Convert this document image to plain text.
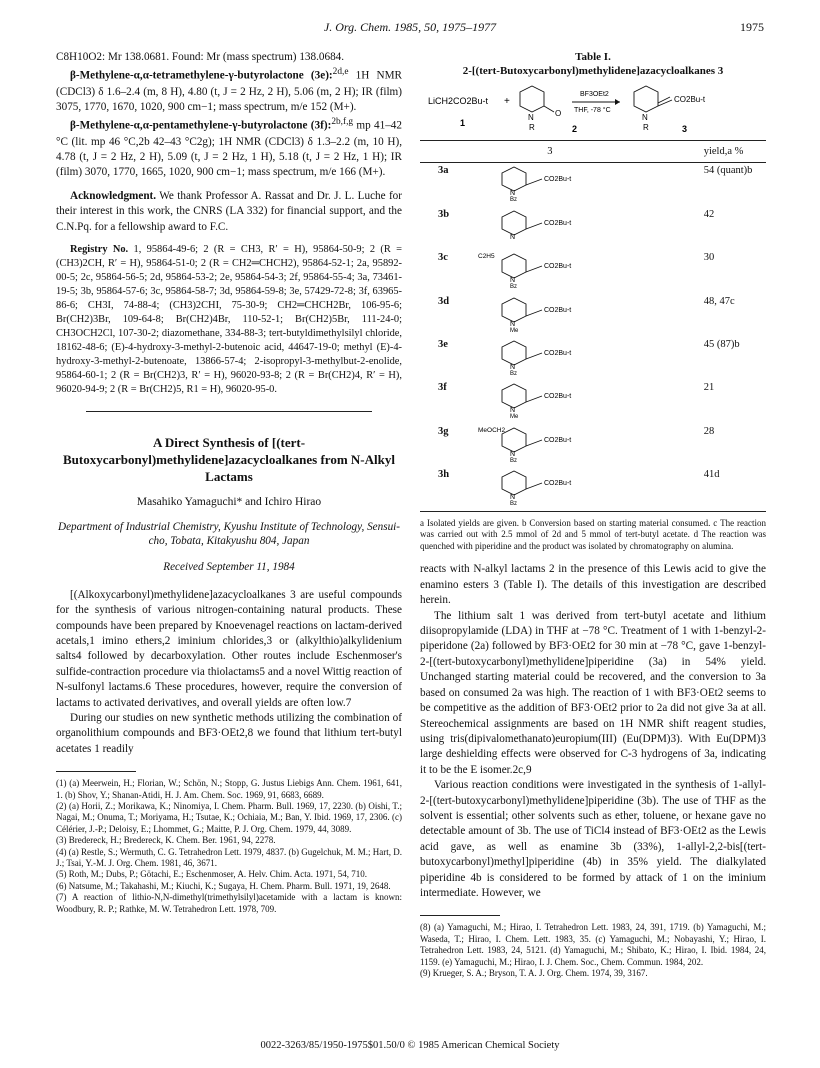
J. Org. Chem. 1985, 50, 1975–1977	1975

C8H10O2: Mr 138.0681. Found: Mr (mass spectrum) 138.0684.

β-Methylene-α,α-tetramethylene-γ-butyrolactone (3e):$^{2d,e}$ 1H NMR (CDCl3) δ 1.6–2.4 (m, 8 H), 4.80 (t, J = 2 Hz, 2 H), 5.06 (m, 2 H); IR (film) 3075, 1770, 1670, 1020, 900 cm−1; mass spectrum, m/e 152 (M+).

β-Methylene-α,α-pentamethylene-γ-butyrolactone (3f):$^{2b,f,g}$ mp 41–42 °C (lit. mp 46 °C,2b 42–43 °C2g); 1H NMR (CDCl3) δ 1.3–2.2 (m, 10 H), 4.78 (t, J = 2 Hz, 2 H), 5.09 (t, J = 2 Hz, 1 H), 5.18 (t, J = 2 Hz, 1 H); IR (film) 3070, 1770, 1665, 1020, 900 cm−1; mass spectrum, m/e 166 (M+).

Acknowledgment. We thank Professor A. Rassat and Dr. J. L. Luche for their interest in this work, the CNRS (LA 332) for financial support, and the C.N.Pq. for a fellowship award to F.C.

Registry No. 1, 95864-49-6; 2 (R = CH3, R′ = H), 95864-50-9; 2 (R = (CH3)2CH, R′ = H), 95864-51-0; 2 (R = CH2═CHCH2), 95864-52-1; 2a, 95892-00-5; 2c, 95864-56-5; 2d, 95864-53-2; 2e, 95864-54-3; 2f, 95864-55-4; 3a, 73461-19-5; 3b, 95864-57-6; 3c, 95864-58-7; 3d, 95864-59-8; 3e, 57429-72-8; 3f, 63965-86-6; CH3I, 74-88-4; (CH3)2CHI, 75-30-9; CH2═CHCH2Br, 106-95-6; Br(CH2)3Br, 109-64-8; Br(CH2)4Br, 110-52-1; Br(CH2)5Br, 111-24-0; CH3OCH2Cl, 107-30-2; diazomethane, 334-88-3; tert-butyldimethylsilyl chloride, 18162-48-6; (E)-4-hydroxy-3-methyl-2-butenoic acid, 44647-19-0; methyl (E)-4-hydroxy-3-methyl-2-butenoate, 13866-57-4; 2-isopropyl-3-methylbut-2-enolide, 95864-60-1; 2 (R = Br(CH2)3, R′ = H), 96020-93-8; 2 (R = Br(CH2)4, R′ = H), 96020-94-9; 2 (R = Br(CH2)5, R1 = H), 96020-95-0.

A Direct Synthesis of [(tert-Butoxycarbonyl)methylidene]azacycloalkanes from N-Alkyl Lactams
Masahiko Yamaguchi* and Ichiro Hirao
Department of Industrial Chemistry, Kyushu Institute of Technology, Sensui-cho, Tobata, Kitakyushu 804, Japan
Received September 11, 1984

[(Alkoxycarbonyl)methylidene]azacycloalkanes 3 are useful compounds for the synthesis of various nitrogen-containing natural products. These compounds have been prepared by Knoevenagel reactions on lactam-derived acetals,1 imino ethers,2 iminium chlorides,3 or (alkylthio)alkylidenium salts4 followed by decarboxylation. Other routes include Eschenmoser's sulfide-contraction procedure via thiolactams5 and a novel Wittig reaction of N-sulfonyl lactams.6 These procedures, however, require the conversion of lactams to activated derivatives, and overall yields are often low.7

During our studies on new synthetic methods utilizing the combination of organolithium compounds and BF3·OEt2,8 we found that lithium tert-butyl acetates 1 readily

(1) (a) Meerwein, H.; Florian, W.; Schön, N.; Stopp, G. Justus Liebigs Ann. Chem. 1961, 641, 1. (b) Shov, Y.; Shanan-Atidi, H. J. Am. Chem. Soc. 1969, 91, 6683, 6689.

(2) (a) Horii, Z.; Morikawa, K.; Ninomiya, I. Chem. Pharm. Bull. 1969, 17, 2230. (b) Oishi, T.; Nagai, M.; Onuma, T.; Moriyama, H.; Tsutae, K.; Ochiaia, M.; Ban, Y. Ibid. 1969, 17, 2306. (c) Célérier, J.-P.; Deloisy, E.; Lhommet, G.; Maitte, P. J. Org. Chem. 1979, 44, 3089.

(3) Bredereck, H.; Bredereck, K. Chem. Ber. 1961, 94, 2278.

(4) (a) Restle, S.; Wermuth, C. G. Tetrahedron Lett. 1979, 4837. (b) Gugelchuk, M. M.; Hart, D. J.; Tsai, Y.-M. J. Org. Chem. 1981, 46, 3671.

(5) Roth, M.; Dubs, P.; Götachi, E.; Eschenmoser, A. Helv. Chim. Acta. 1971, 54, 710.

(6) Natsume, M.; Takahashi, M.; Kiuchi, K.; Sugaya, H. Chem. Pharm. Bull. 1971, 19, 2648.

(7) A reaction of lithio-N,N-dimethyl(trimethylsilyl)acetamide with a lactam is known: Woodbury, R. P.; Rathke, M. W. Tetrahedron Lett. 1978, 709.

Table I.
2-[(tert-Butoxycarbonyl)methylidene]azacycloalkanes 3
LiCH2CO2Bu-t +
O
N
R
BF3OEt2
THF, -78 °C
CO2Bu-t
N
R
1
2	3
3		yield,a %
3a	CO2Bu-t
N
Bz	54 (quant)b
3b	CO2Bu-t
N	42
3c	CO2Bu-t
N
Bz
C2H5	30
3d	CO2Bu-t
N
Me	48, 47c
3e	CO2Bu-t
N
Bz	45 (87)b
3f	CO2Bu-t
N
Me	21
3g	CO2Bu-t
N
Bz
MeOCH2	28
3h	CO2Bu-t
N
Bz	41d
a Isolated yields are given. b Conversion based on starting material consumed. c The reaction was carried out with 2.5 mmol of 2d and 5 mmol of tert-butyl acetate. d The reaction was quenched with piperidine and the product was isolated by chromatography on alumina.

reacts with N-alkyl lactams 2 in the presence of this Lewis acid to give the enamino esters 3 (Table I). The details of this investigation are described herein.

The lithium salt 1 was derived from tert-butyl acetate and lithium diisopropylamide (LDA) in THF at −78 °C. Treatment of 1 with 1-benzyl-2-piperidone (2a) followed by BF3·OEt2 for 30 min at −78 °C, gave 1-benzyl-2-[(tert-butoxycarbonyl)methylidene]piperidine (3a) in 54% yield. Unchanged starting material could be recovered, and the conversion to 3a based on consumed 2a was high. The reaction of 1 with BF3·OEt2 seems to be competitive as the addition of BF3·OEt2 prior to 2a did not give 3a at all. Stereochemical assignments are based on 1H NMR shift reagent studies, using tris(dipivalomethanato)europium(III) (Eu(DPM)3). With Eu(DPM)3 large deshielding effects were observed for C-3 hydrogens of 3a, indicating it to be the E isomer.2c,9

Various reaction conditions were investigated in the synthesis of 1-allyl-2-[(tert-butoxycarbonyl)methylidene]piperidine (3b). The use of THF as the solvent is essential; other solvents such as ether, toluene, or hexane gave no detectable amount of 3b. The use of TiCl4 instead of BF3·OEt2 as the Lewis acid gave, as well as enamine 3b (33%), 1-allyl-2,2-bis[(tert-butoxycarbonyl)methyl]piperidine (4b) in 35% yield. The dialkylated piperidine 4b is considered to be formed by attack of 1 on the iminium intermediate. However, we

(8) (a) Yamaguchi, M.; Hirao, I. Tetrahedron Lett. 1983, 24, 391, 1719. (b) Yamaguchi, M.; Waseda, T.; Hirao, I. Chem. Lett. 1983, 35. (c) Yamaguchi, M.; Nobayashi, Y.; Hirao, I. Tetrahedron Lett. 1983, 24, 5121. (d) Yamaguchi, M.; Shibato, K.; Hirao, I. Ibid. 1984, 24, 1159. (e) Yamaguchi, M.; Hirao, I. J. Chem. Soc., Chem. Commun. 1984, 202.

(9) Krueger, S. A.; Bryson, T. A. J. Org. Chem. 1974, 39, 3167.

0022-3263/85/1950-1975$01.50/0 © 1985 American Chemical Society
